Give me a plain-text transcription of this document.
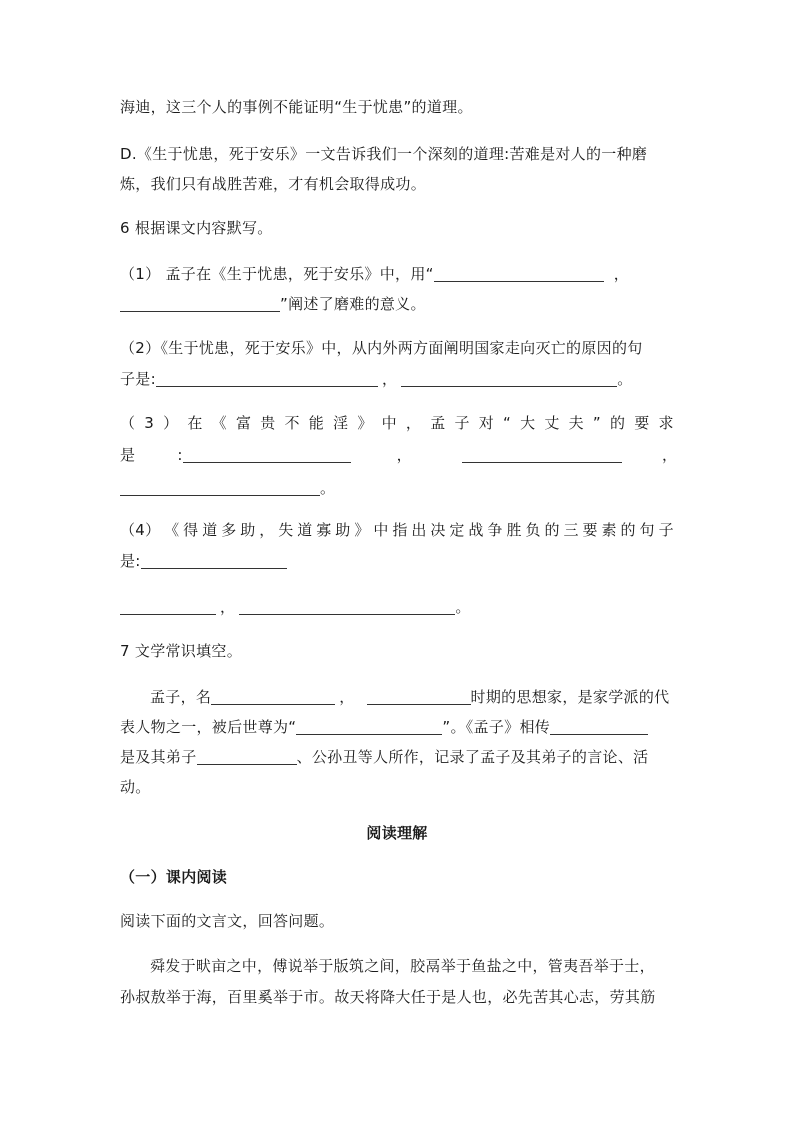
海迪，这三个人的事例不能证明“生于忧患”的道理。
D.《生于忧患，死于安乐》一文告诉我们一个深刻的道理:苦难是对人的一种磨
炼，我们只有战胜苦难，才有机会取得成功。
6 根据课文内容默写。
（1） 孟子在《生于忧患，死于安乐》中，用“	，
”阐述了磨难的意义。
（2）《生于忧患，死于安乐》中，从内外两方面阐明国家走向灭亡的原因的句
子是:	，	。
（ 3 ） 在 《 富 贵 不 能 淫 》 中 ， 孟 子 对 “ 大 丈 夫 ” 的 要 求
是	:	，	，
。
（4） 《 得 道 多 助 ， 失 道 寡 助 》 中 指 出 决 定 战 争 胜 负 的 三 要 素 的 句 子
是:
，	。
7 文学常识填空。
孟子，名	，	时期的思想家，是家学派的代
表人物之一，被后世尊为“	”。《孟子》相传
是及其弟子	、公孙丑等人所作，记录了孟子及其弟子的言论、活
动。
阅读理解
（一）课内阅读
阅读下面的文言文，回答问题。
舜发于畎亩之中，傅说举于版筑之间，胶鬲举于鱼盐之中，管夷吾举于士，
孙叔敖举于海，百里奚举于市。故天将降大任于是人也，必先苦其心志，劳其筋
